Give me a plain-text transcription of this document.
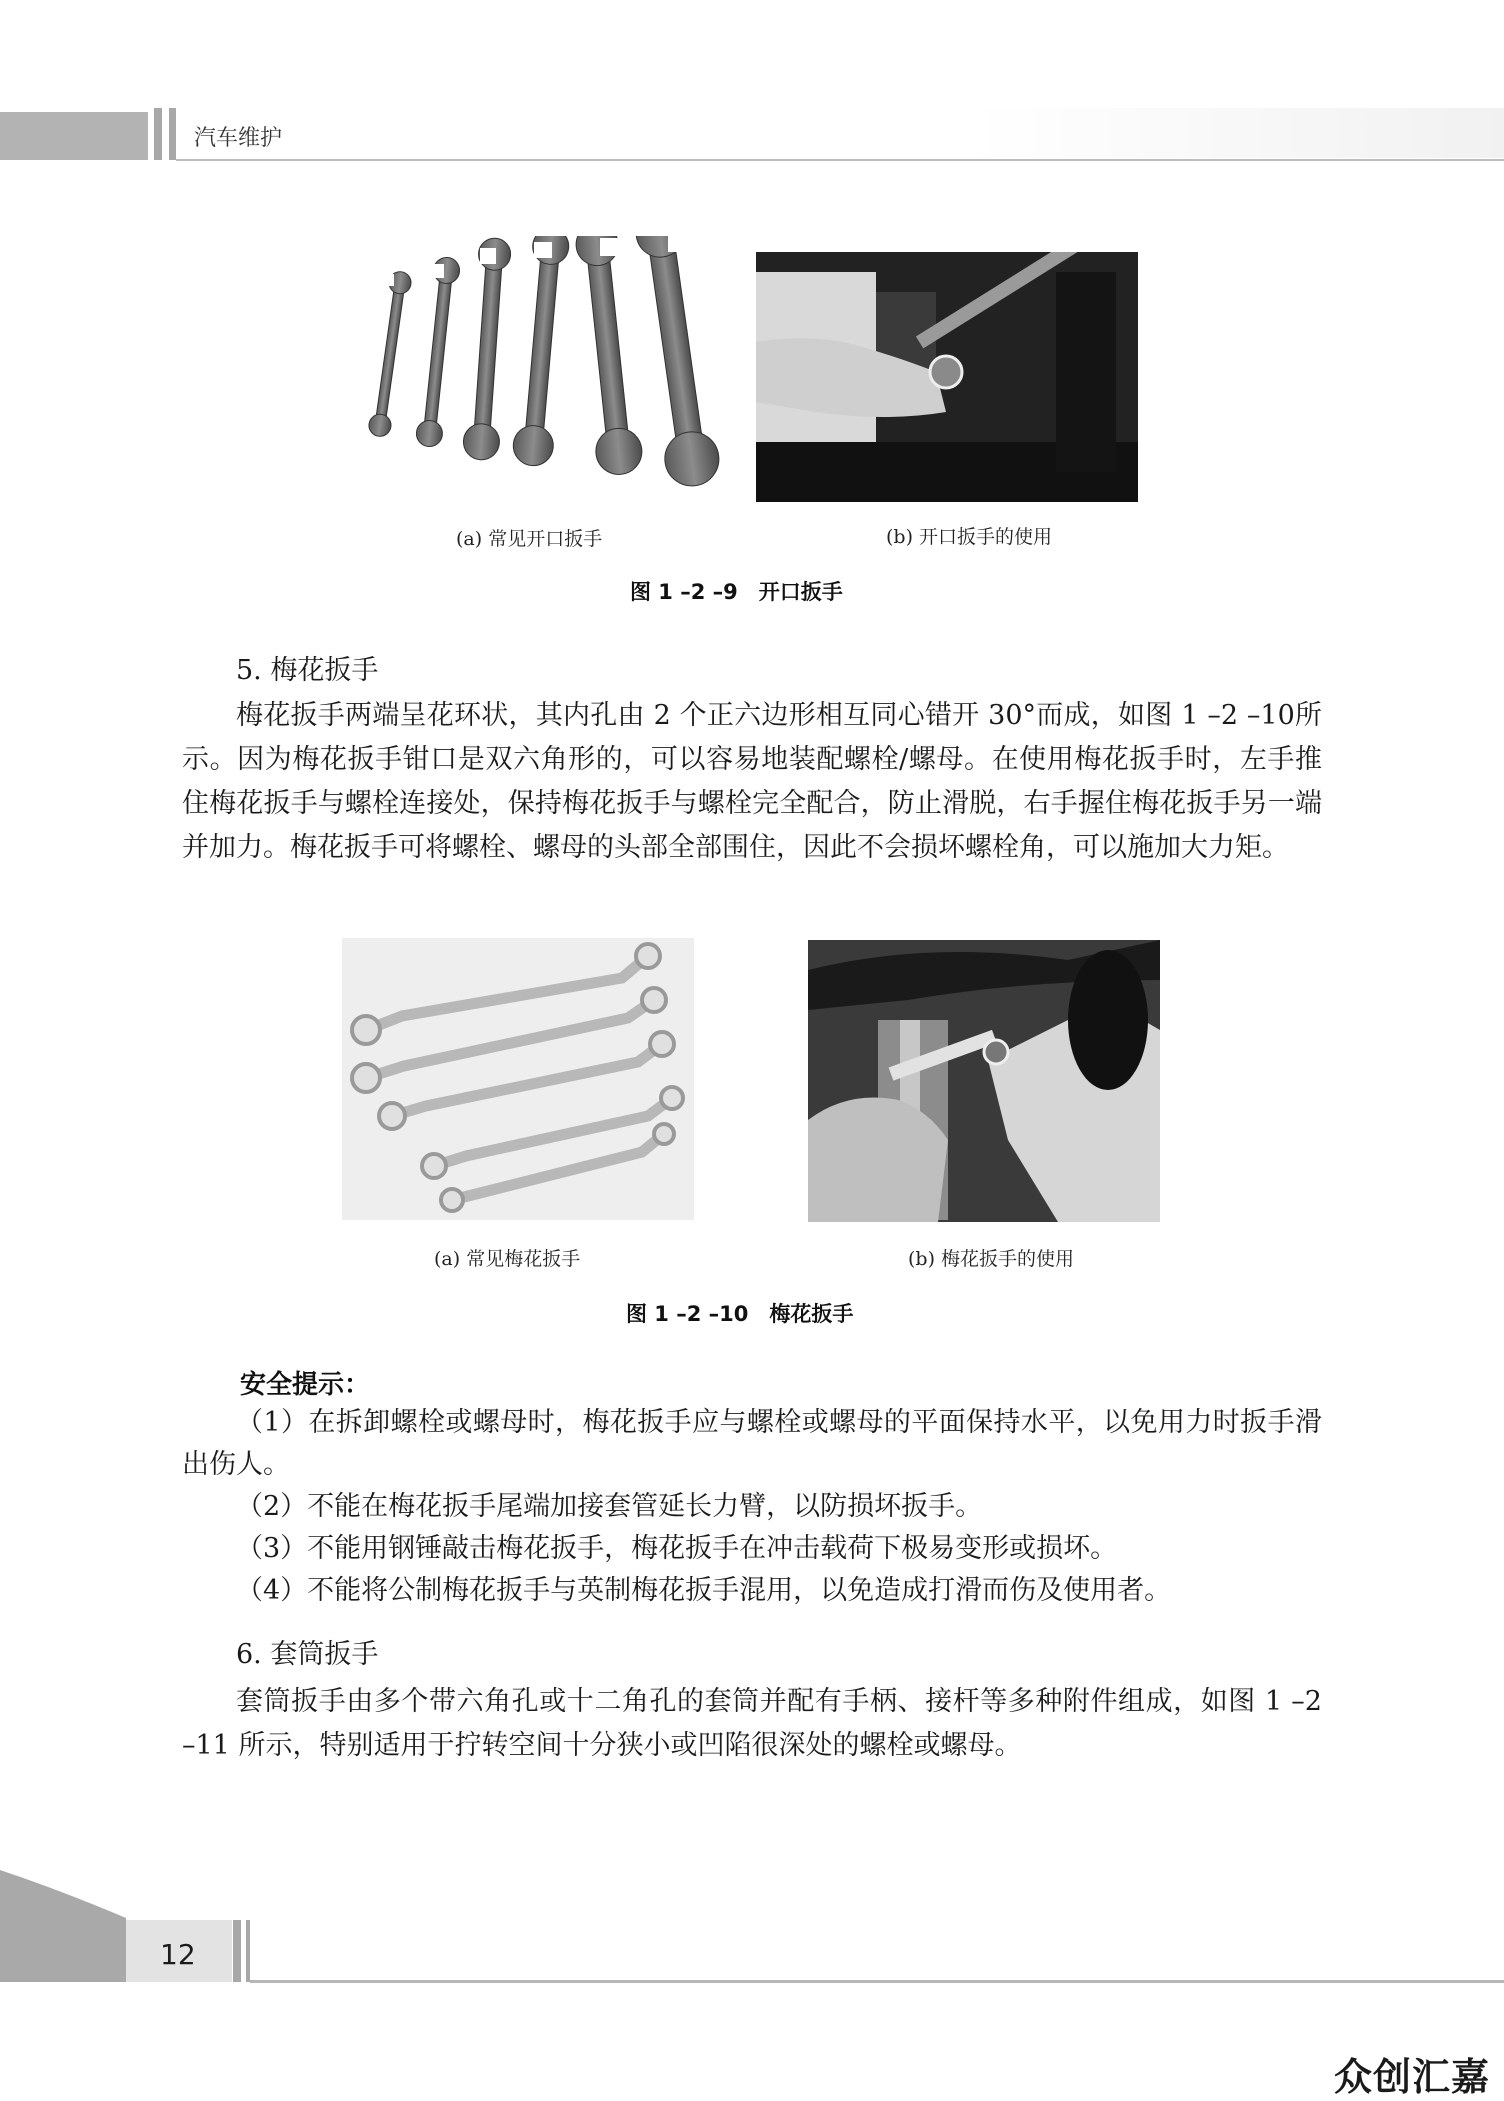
汽车维护
(a) 常见开口扳手	(b) 开口扳手的使用
图 1 –2 –9　开口扳手
5. 梅花扳手

梅花扳手两端呈花环状，其内孔由 2 个正六边形相互同心错开 30°而成，如图 1 –2 –10所示。因为梅花扳手钳口是双六角形的，可以容易地装配螺栓/螺母。在使用梅花扳手时，左手推住梅花扳手与螺栓连接处，保持梅花扳手与螺栓完全配合，防止滑脱，右手握住梅花扳手另一端并加力。梅花扳手可将螺栓、螺母的头部全部围住，因此不会损坏螺栓角，可以施加大力矩。

(a) 常见梅花扳手	(b) 梅花扳手的使用
图 1 –2 –10　梅花扳手
安全提示：

（1）在拆卸螺栓或螺母时，梅花扳手应与螺栓或螺母的平面保持水平，以免用力时扳手滑出伤人。

（2）不能在梅花扳手尾端加接套管延长力臂，以防损坏扳手。

（3）不能用钢锤敲击梅花扳手，梅花扳手在冲击载荷下极易变形或损坏。

（4）不能将公制梅花扳手与英制梅花扳手混用，以免造成打滑而伤及使用者。

6. 套筒扳手

套筒扳手由多个带六角孔或十二角孔的套筒并配有手柄、接杆等多种附件组成，如图 1 –2 –11 所示，特别适用于拧转空间十分狭小或凹陷很深处的螺栓或螺母。

12
众创汇嘉
